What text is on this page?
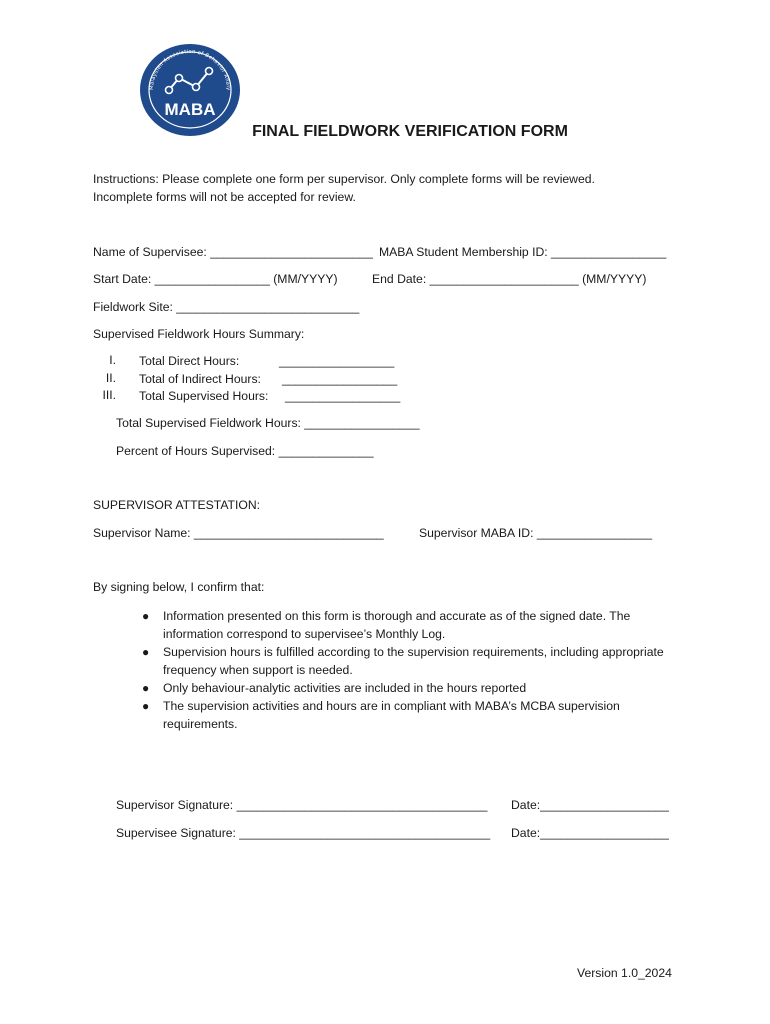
Malaysian Association of Behavior Analy
MABA
FINAL FIELDWORK VERIFICATION FORM
Instructions: Please complete one form per supervisor. Only complete forms will be reviewed.
Incomplete forms will not be accepted for review.
Name of Supervisee: ________________________ MABA Student Membership ID: _________________
Start Date: _________________ (MM/YYYY)	End Date: ______________________ (MM/YYYY)
Fieldwork Site: ___________________________
Supervised Fieldwork Hours Summary:
I. Total Direct Hours:	_________________
II. Total of Indirect Hours: _________________
III. Total Supervised Hours: _________________
Total Supervised Fieldwork Hours: _________________
Percent of Hours Supervised: ______________
SUPERVISOR ATTESTATION:
Supervisor Name: ____________________________	Supervisor MABA ID: _________________
By signing below, I confirm that:
● Information presented on this form is thorough and accurate as of the signed date. The information correspond to supervisee’s Monthly Log.
● Supervision hours is fulfilled according to the supervision requirements, including appropriate frequency when support is needed.
● Only behaviour-analytic activities are included in the hours reported
● The supervision activities and hours are in compliant with MABA’s MCBA supervision requirements.
Supervisor Signature: _____________________________________ Date:___________________
Supervisee Signature: _____________________________________ Date:___________________
Version 1.0_2024
